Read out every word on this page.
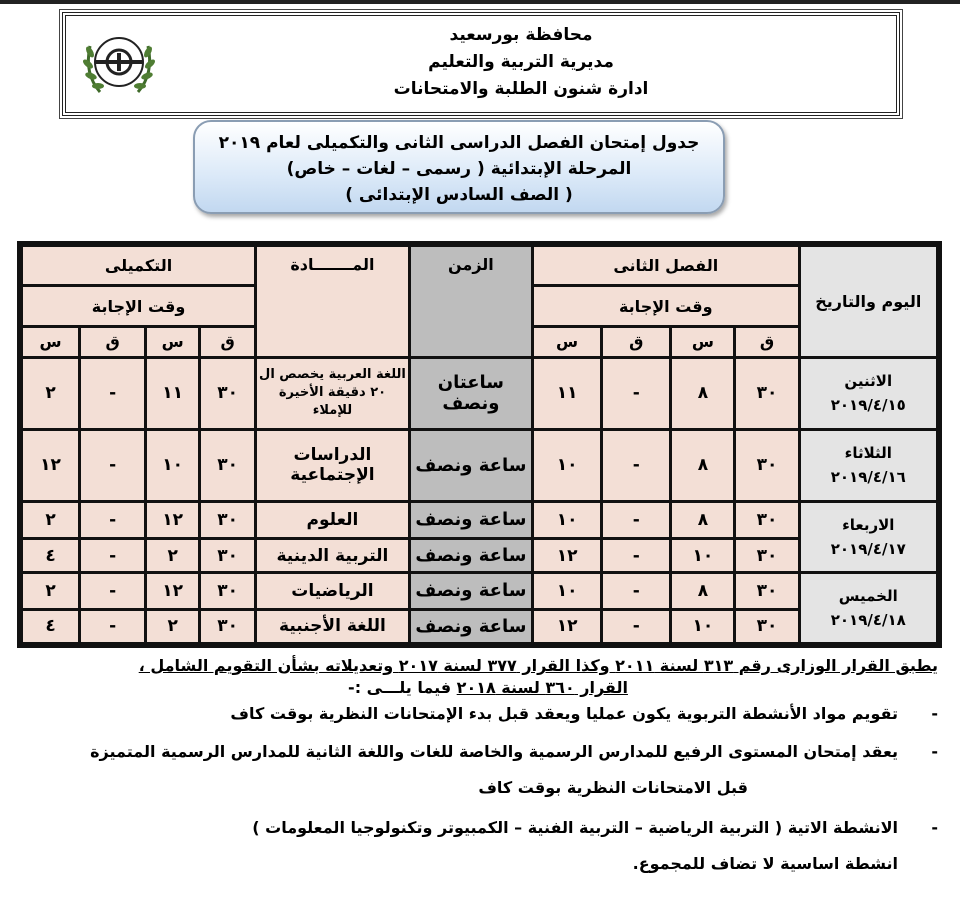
محافظة بورسعيد
مديرية التربية والتعليم
ادارة شنون الطلبة والامتحانات
جدول إمتحان الفصل الدراسى الثانى والتكميلى لعام ٢٠١٩
المرحلة الإبتدائية ( رسمى – لغات – خاص)
( الصف السادس الإبتدائى )
اليوم والتاريخ	الفصل الثانى				الزمن	المـــــــادة	التكميلى			
	وقت الإجابة						وقت الإجابة			
	ق	س	ق	س			ق	س	ق	س

الاثنين
٢٠١٩/٤/١٥	٣٠	٨	-	١١	ساعتان ونصف	اللغة العربية يخصص ال ٢٠ دقيقة الأخيرة للإملاء	٣٠	١١	-	٢

الثلاثاء
٢٠١٩/٤/١٦	٣٠	٨	-	١٠	ساعة ونصف	الدراسات الإجتماعية	٣٠	١٠	-	١٢

الاربعاء
٢٠١٩/٤/١٧	٣٠	٨	-	١٠	ساعة ونصف	العلوم	٣٠	١٢	-	٢
	٣٠	١٠	-	١٢	ساعة ونصف	التربية الدينية	٣٠	٢	-	٤

الخميس
٢٠١٩/٤/١٨	٣٠	٨	-	١٠	ساعة ونصف	الرياضيات	٣٠	١٢	-	٢
	٣٠	١٠	-	١٢	ساعة ونصف	اللغة الأجنبية	٣٠	٢	-	٤
يطبق القرار الوزارى رقم ٣١٣ لسنة ٢٠١١ وكذا القرار ٣٧٧ لسنة ٢٠١٧ وتعديلاته بشأن التقويم الشامل ،
القرار ٣٦٠ لسنة ٢٠١٨ فيما يلـــى :-
-
تقويم مواد الأنشطة التربوية يكون عمليا ويعقد قبل بدء الإمتحانات النظرية بوقت كاف
-
يعقد إمتحان المستوى الرفيع للمدارس الرسمية والخاصة للغات واللغة الثانية للمدارس الرسمية المتميزة
قبل الامتحانات النظرية بوقت كاف
-
الانشطة الاتية ( التربية الرياضية – التربية الفنية – الكمبيوتر وتكنولوجيا المعلومات )
انشطة اساسية لا تضاف للمجموع.
